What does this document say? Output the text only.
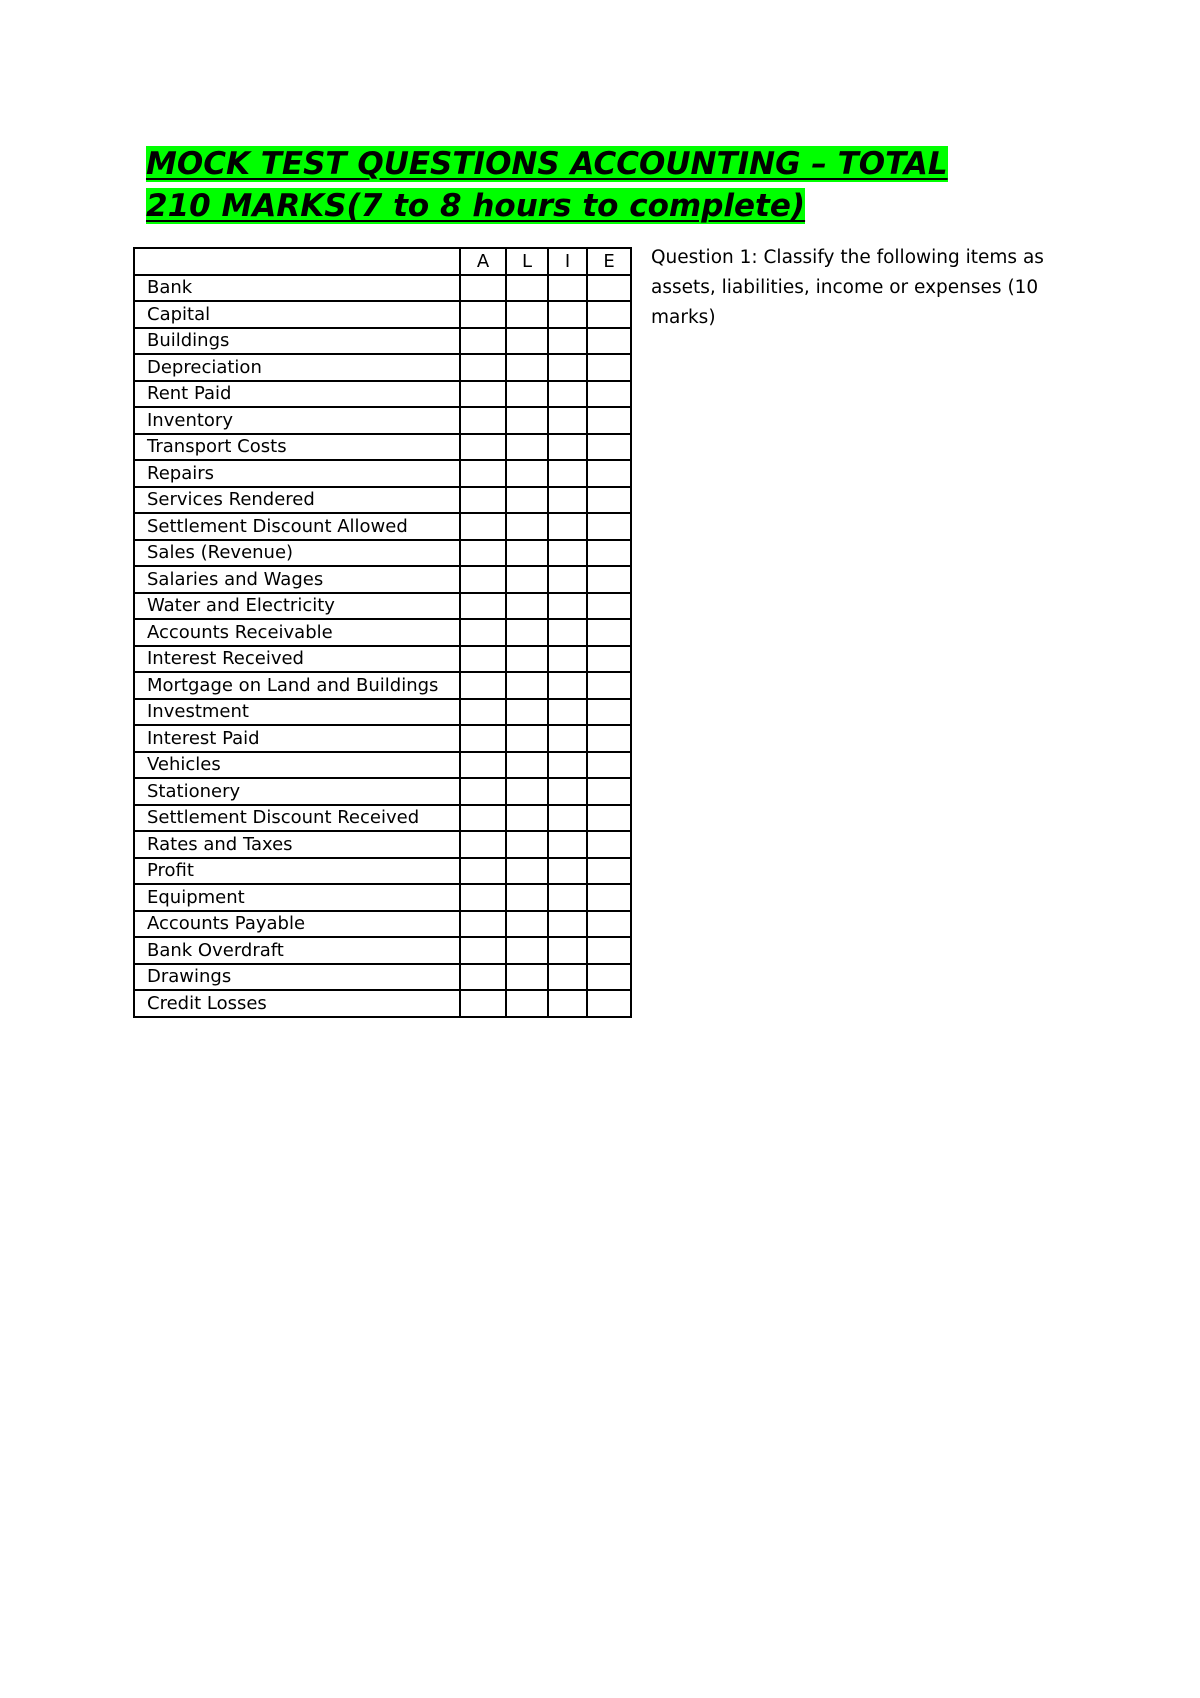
MOCK TEST QUESTIONS ACCOUNTING – TOTAL
210 MARKS(7 to 8 hours to complete)
	A	L	I	E
Bank				
Capital				
Buildings				
Depreciation				
Rent Paid				
Inventory				
Transport Costs				
Repairs				
Services Rendered				
Settlement Discount Allowed				
Sales (Revenue)				
Salaries and Wages				
Water and Electricity				
Accounts Receivable				
Interest Received				
Mortgage on Land and Buildings				
Investment				
Interest Paid				
Vehicles				
Stationery				
Settlement Discount Received				
Rates and Taxes				
Profit				
Equipment				
Accounts Payable				
Bank Overdraft				
Drawings				
Credit Losses				

Question 1: Classify the following items as assets, liabilities, income or expenses (10 marks)
